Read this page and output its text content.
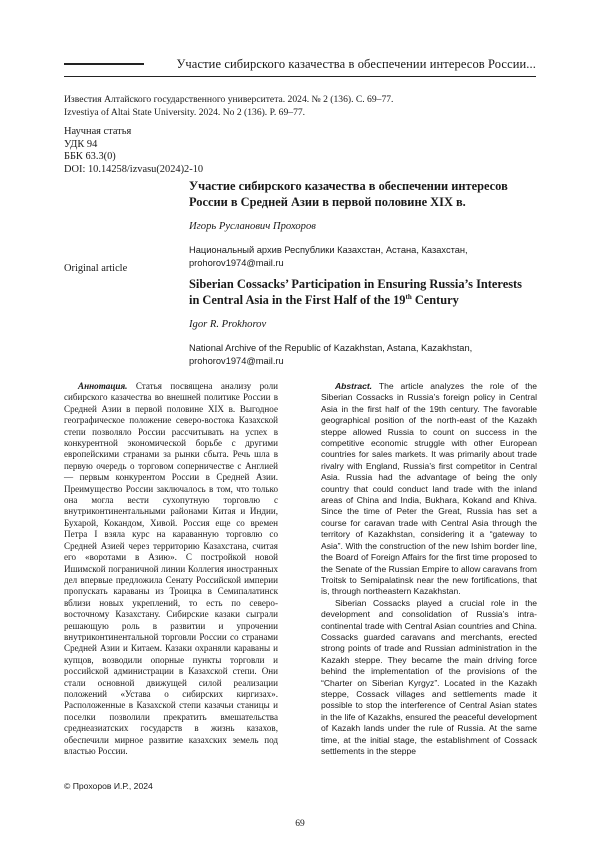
Участие сибирского казачества в обеспечении интересов России...
Известия Алтайского государственного университета. 2024. № 2 (136). С. 69–77.
Izvestiya of Altai State University. 2024. No 2 (136). P. 69–77.
Научная статья
УДК 94
ББК 63.3(0)
DOI: 10.14258/izvasu(2024)2-10
Участие сибирского казачества в обеспечении интересов
России в Средней Азии в первой половине XIX в.
Игорь Русланович Прохоров
Национальный архив Республики Казахстан, Астана, Казахстан,
prohorov1974@mail.ru
Original article
Siberian Cossacks’ Participation in Ensuring Russia’s Interests
in Central Asia in the First Half of the 19th Century
Igor R. Prokhorov
National Archive of the Republic of Kazakhstan, Astana, Kazakhstan,
prohorov1974@mail.ru

Аннотация. Статья посвящена анализу роли сибирского казачества во внешней политике России в Средней Азии в первой половине XIX в. Выгодное географическое положение северо-востока Казахской степи позволяло России рассчитывать на успех в конкурентной экономической борьбе с другими европейскими странами за рынки сбыта. Речь шла в первую очередь о торговом соперничестве с Англией — первым конкурентом России в Средней Азии. Преимущество России заключалось в том, что только она могла вести сухопутную торговлю с внутриконтинентальными районами Китая и Индии, Бухарой, Кокандом, Хивой. Россия еще со времен Петра I взяла курс на караванную торговлю со Средней Азией через территорию Казахстана, считая его «воротами в Азию». С постройкой новой Ишимской пограничной линии Коллегия иностранных дел впервые предложила Сенату Российской империи пропускать караваны из Троицка в Семипалатинск вблизи новых укреплений, то есть по северо-восточному Казахстану. Сибирские казаки сыграли решающую роль в развитии и упрочении внутриконтинентальной торговли России со странами Средней Азии и Китаем. Казаки охраняли караваны и купцов, возводили опорные пункты торговли и российской администрации в Казахской степи. Они стали основной движущей силой реализации положений «Устава о сибирских киргизах». Расположенные в Казахской степи казачьи станицы и поселки позволили прекратить вмешательства среднеазиатских государств в жизнь казахов, обеспечили мирное развитие казахских земель под властью России.

Abstract. The article analyzes the role of the Siberian Cossacks in Russia’s foreign policy in Central Asia in the first half of the 19th century. The favorable geographical position of the north-east of the Kazakh steppe allowed Russia to count on success in the competitive economic struggle with other European countries for sales markets. It was primarily about trade rivalry with England, Russia’s first competitor in Central Asia. Russia had the advantage of being the only country that could conduct land trade with the inland areas of China and India, Bukhara, Kokand and Khiva. Since the time of Peter the Great, Russia has set a course for caravan trade with Central Asia through the territory of Kazakhstan, considering it a “gateway to Asia”. With the construction of the new Ishim border line, the Board of Foreign Affairs for the first time proposed to the Senate of the Russian Empire to allow caravans from Troitsk to Semipalatinsk near the new fortifications, that is, through northeastern Kazakhstan.

Siberian Cossacks played a crucial role in the development and consolidation of Russia’s intra-continental trade with Central Asian countries and China. Cossacks guarded caravans and merchants, erected strong points of trade and Russian administration in the Kazakh steppe. They became the main driving force behind the implementation of the provisions of the “Charter on Siberian Kyrgyz”. Located in the Kazakh steppe, Cossack villages and settlements made it possible to stop the interference of Central Asian states in the life of Kazakhs, ensured the peaceful development of Kazakh lands under the rule of Russia. At the same time, at the initial stage, the establishment of Cossack settlements in the steppe

© Прохоров И.Р., 2024
69
